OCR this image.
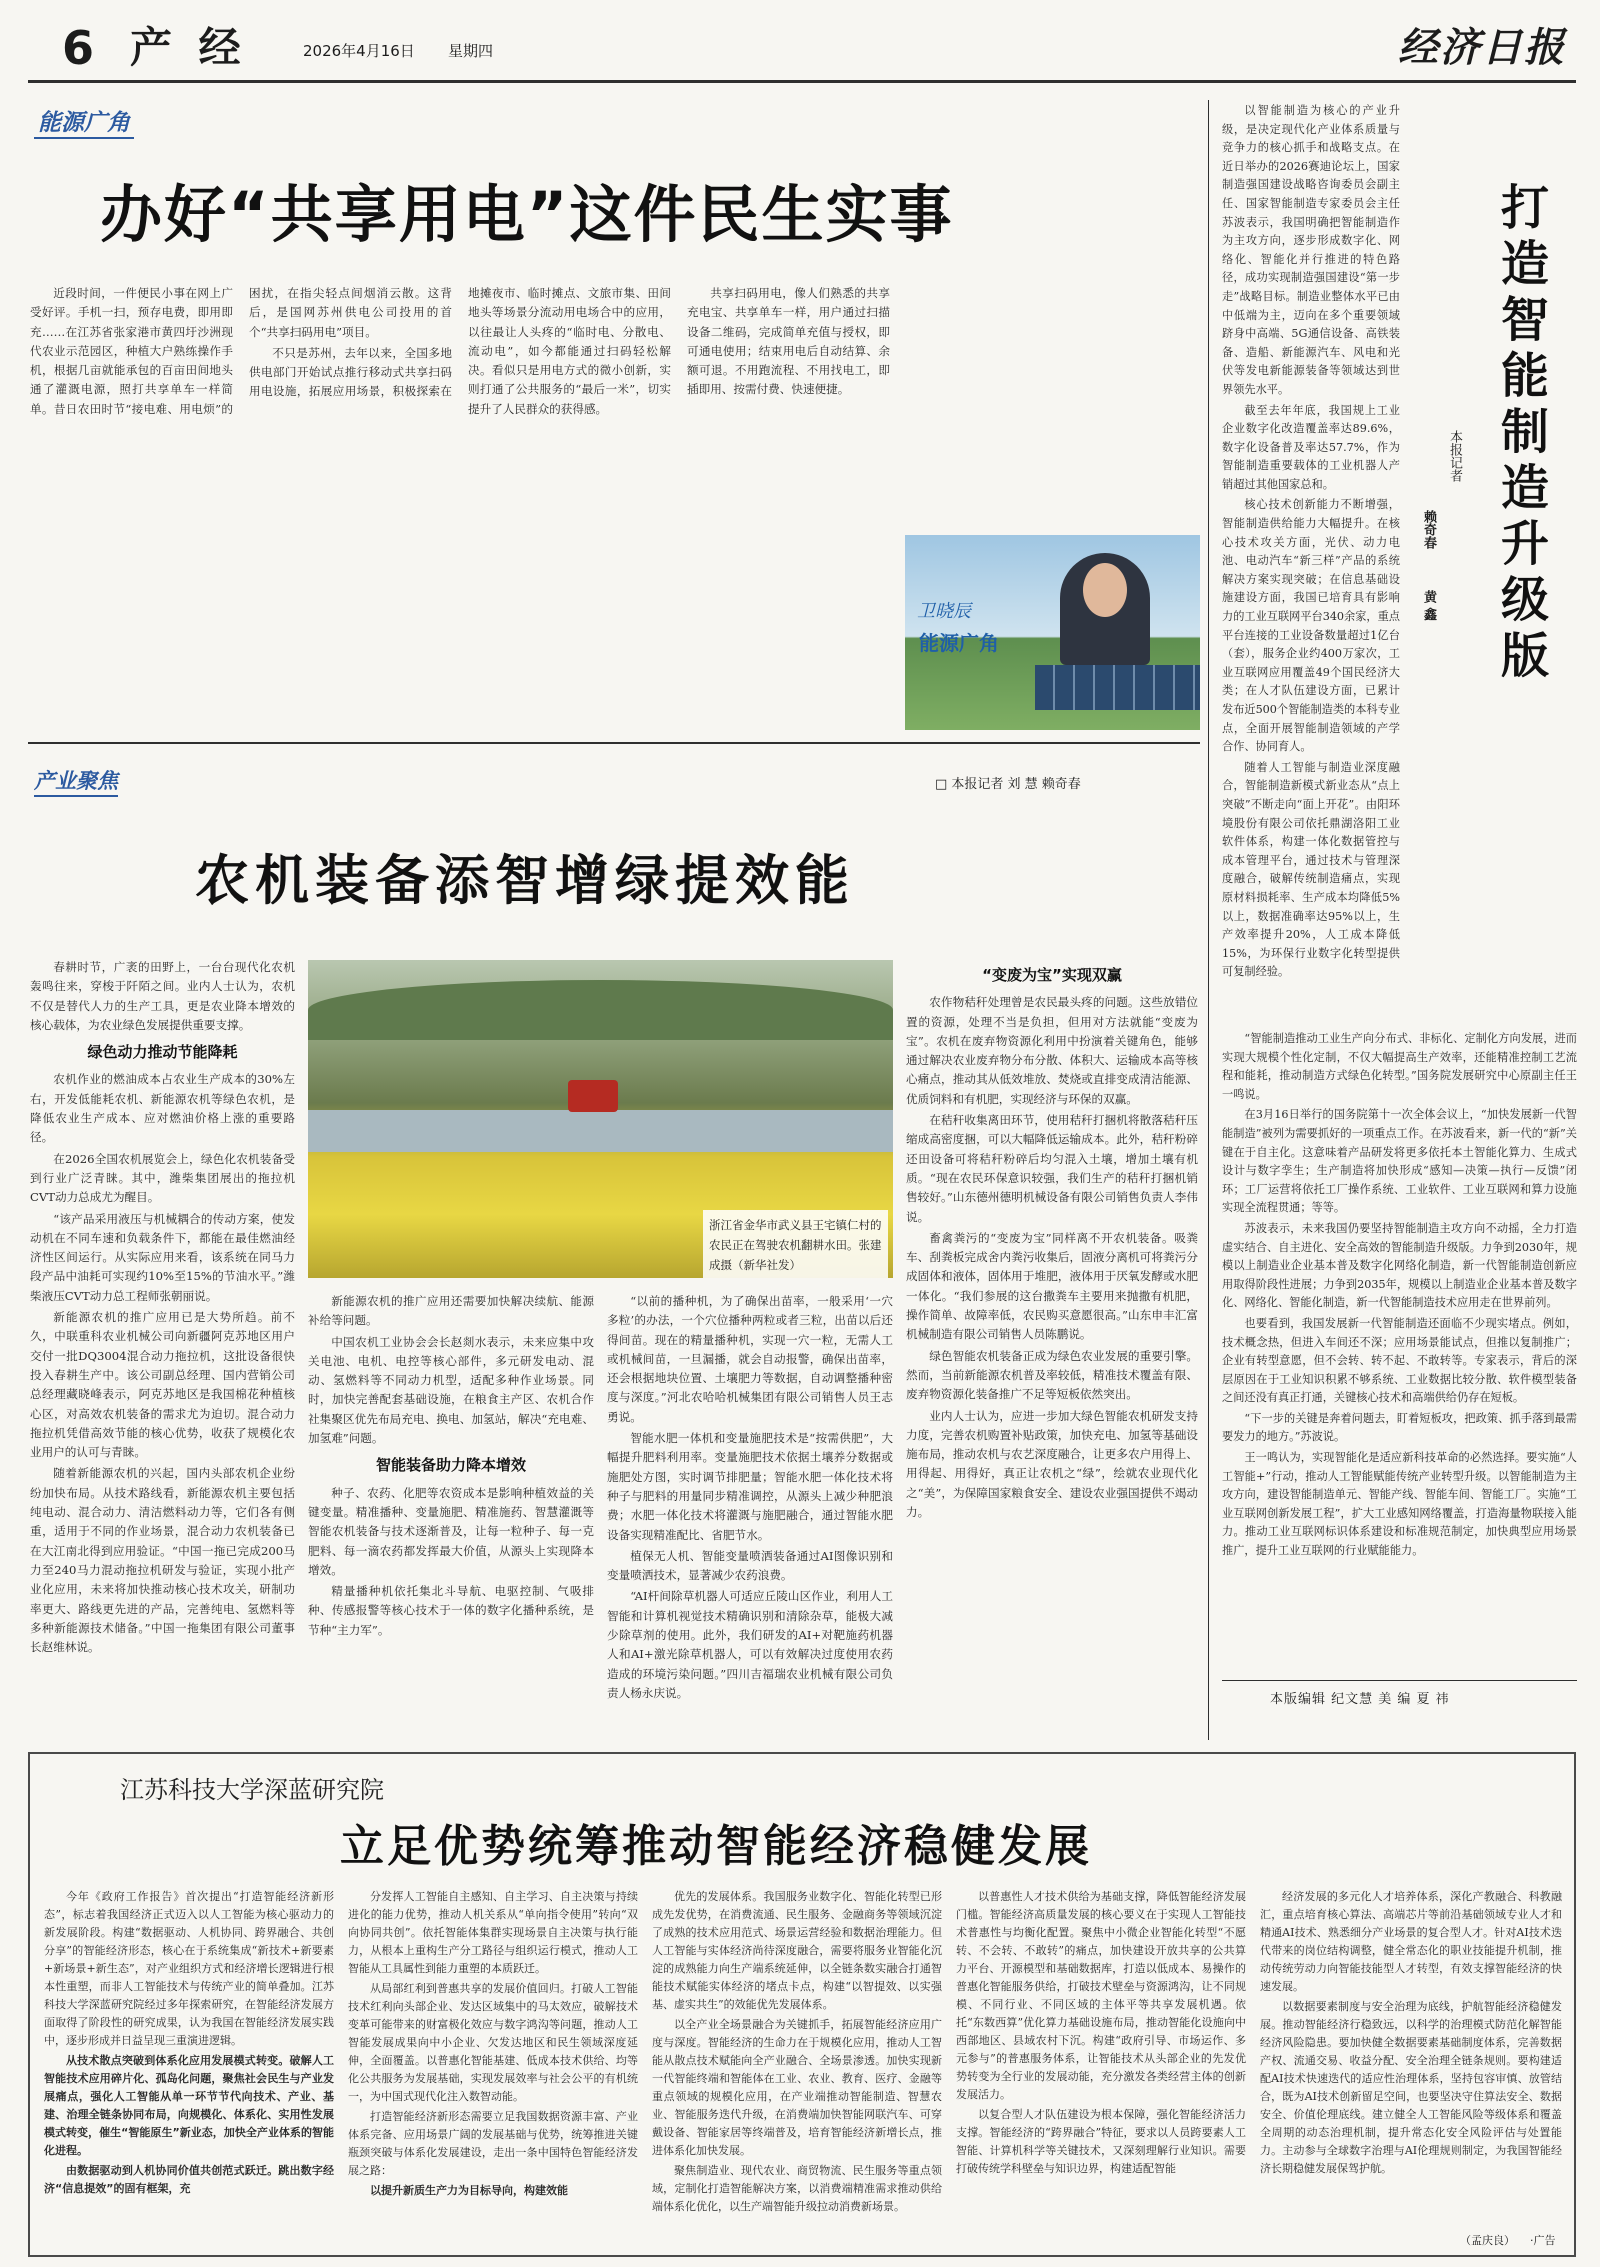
6 产 经	2026年4月16日 星期四	经济日报
能源广角
办好“共享用电”这件民生实事

近段时间，一件便民小事在网上广受好评。手机一扫，预存电费，即用即充……在江苏省张家港市黄四圩沙洲现代农业示范园区，种植大户熟练操作手机，根据几亩就能承包的百亩田间地头通了灌溉电源，照打共享单车一样简单。昔日农田时节“接电难、用电烦”的困扰，在指尖轻点间烟消云散。这背后，是国网苏州供电公司投用的首个“共享扫码用电”项目。

不只是苏州，去年以来，全国多地供电部门开始试点推行移动式共享扫码用电设施，拓展应用场景，积极探索在地摊夜市、临时摊点、文旅市集、田间地头等场景分流动用电场合中的应用，以往最让人头疼的“临时电、分散电、流动电”，如今都能通过扫码轻松解决。看似只是用电方式的微小创新，实则打通了公共服务的“最后一米”，切实提升了人民群众的获得感。

共享扫码用电，像人们熟悉的共享充电宝、共享单车一样，用户通过扫描设备二维码，完成简单充值与授权，即可通电使用；结束用电后自动结算、余额可退。不用跑流程、不用找电工，即插即用、按需付费、快速便捷。

卫晓辰
能源广角
产业聚焦	□ 本报记者 刘 慧 赖奇春
农机装备添智增绿提效能

春耕时节，广袤的田野上，一台台现代化农机轰鸣往来，穿梭于阡陌之间。业内人士认为，农机不仅是替代人力的生产工具，更是农业降本增效的核心载体，为农业绿色发展提供重要支撑。

绿色动力推动节能降耗

农机作业的燃油成本占农业生产成本的30%左右，开发低能耗农机、新能源农机等绿色农机，是降低农业生产成本、应对燃油价格上涨的重要路径。

在2026全国农机展览会上，绿色化农机装备受到行业广泛青睐。其中，潍柴集团展出的拖拉机CVT动力总成尤为醒目。

“该产品采用液压与机械耦合的传动方案，使发动机在不同车速和负载条件下，都能在最佳燃油经济性区间运行。从实际应用来看，该系统在同马力段产品中油耗可实现约10%至15%的节油水平。”潍柴液压CVT动力总工程师张朝丽说。

新能源农机的推广应用已是大势所趋。前不久，中联重科农业机械公司向新疆阿克苏地区用户交付一批DQ3004混合动力拖拉机，这批设备很快投入春耕生产中。该公司副总经理、国内营销公司总经理藏晓峰表示，阿克苏地区是我国棉花种植核心区，对高效农机装备的需求尤为迫切。混合动力拖拉机凭借高效节能的核心优势，收获了规模化农业用户的认可与青睐。

随着新能源农机的兴起，国内头部农机企业纷纷加快布局。从技术路线看，新能源农机主要包括纯电动、混合动力、清洁燃料动力等，它们各有侧重，适用于不同的作业场景，混合动力农机装备已在大江南北得到应用验证。“中国一拖已完成200马力至240马力混动拖拉机研发与验证，实现小批产业化应用，未来将加快推动核心技术攻关，研制功率更大、路线更先进的产品，完善纯电、氢燃料等多种新能源技术储备。”中国一拖集团有限公司董事长赵维林说。

浙江省金华市武义县王宅镇仁村的农民正在驾驶农机翻耕水田。张建成摄（新华社发）

新能源农机的推广应用还需要加快解决续航、能源补给等问题。

中国农机工业协会会长赵剡水表示，未来应集中攻关电池、电机、电控等核心部件，多元研发电动、混动、氢燃料等不同动力机型，适配多种作业场景。同时，加快完善配套基础设施，在粮食主产区、农机合作社集聚区优先布局充电、换电、加氢站，解决“充电难、加氢难”问题。

智能装备助力降本增效

种子、农药、化肥等农资成本是影响种植效益的关键变量。精准播种、变量施肥、精准施药、智慧灌溉等智能农机装备与技术逐渐普及，让每一粒种子、每一克肥料、每一滴农药都发挥最大价值，从源头上实现降本增效。

精量播种机依托集北斗导航、电驱控制、气吸排种、传感报警等核心技术于一体的数字化播种系统，是节种“主力军”。

“以前的播种机，为了确保出苗率，一般采用‘一穴多粒’的办法，一个穴位播种两粒或者三粒，出苗以后还得间苗。现在的精量播种机，实现一穴一粒，无需人工或机械间苗，一旦漏播，就会自动报警，确保出苗率，还会根据地块位置、土壤肥力等数据，自动调整播种密度与深度。”河北农哈哈机械集团有限公司销售人员王志勇说。

智能水肥一体机和变量施肥技术是“按需供肥”，大幅提升肥料利用率。变量施肥技术依据土壤养分数据或施肥处方图，实时调节排肥量；智能水肥一体化技术将种子与肥料的用量同步精准调控，从源头上减少种肥浪费；水肥一体化技术将灌溉与施肥融合，通过智能水肥设备实现精准配比、省肥节水。

植保无人机、智能变量喷洒装备通过AI图像识别和变量喷洒技术，显著减少农药浪费。

“AI杆间除草机器人可适应丘陵山区作业，利用人工智能和计算机视觉技术精确识别和清除杂草，能极大减少除草剂的使用。此外，我们研发的AI+对靶施药机器人和AI+激光除草机器人，可以有效解决过度使用农药造成的环境污染问题。”四川吉福瑞农业机械有限公司负责人杨永庆说。

“变废为宝”实现双赢

农作物秸秆处理曾是农民最头疼的问题。这些放错位置的资源，处理不当是负担，但用对方法就能“变废为宝”。农机在废弃物资源化利用中扮演着关键角色，能够通过解决农业废弃物分布分散、体积大、运输成本高等核心痛点，推动其从低效堆放、焚烧或直排变成清洁能源、优质饲料和有机肥，实现经济与环保的双赢。

在秸秆收集离田环节，使用秸秆打捆机将散落秸秆压缩成高密度捆，可以大幅降低运输成本。此外，秸秆粉碎还田设备可将秸秆粉碎后均匀混入土壤，增加土壤有机质。“现在农民环保意识较强，我们生产的秸秆打捆机销售较好。”山东德州德明机械设备有限公司销售负责人李伟说。

畜禽粪污的“变废为宝”同样离不开农机装备。吸粪车、刮粪板完成舍内粪污收集后，固液分离机可将粪污分成固体和液体，固体用于堆肥，液体用于厌氧发酵或水肥一体化。“我们参展的这台撒粪车主要用来抛撒有机肥，操作简单、故障率低，农民购买意愿很高。”山东申丰汇富机械制造有限公司销售人员陈鹏说。

绿色智能农机装备正成为绿色农业发展的重要引擎。然而，当前新能源农机普及率较低，精准技术覆盖有限、废弃物资源化装备推广不足等短板依然突出。

业内人士认为，应进一步加大绿色智能农机研发支持力度，完善农机购置补贴政策，加快充电、加氢等基础设施布局，推动农机与农艺深度融合，让更多农户用得上、用得起、用得好，真正让农机之“绿”，绘就农业现代化之“美”，为保障国家粮食安全、建设农业强国提供不竭动力。

打
造
智
能
制
造
升
级
版
本报记者
赖奇春
黄 鑫

以智能制造为核心的产业升级，是决定现代化产业体系质量与竞争力的核心抓手和战略支点。在近日举办的2026赛迪论坛上，国家制造强国建设战略咨询委员会副主任、国家智能制造专家委员会主任苏波表示，我国明确把智能制造作为主攻方向，逐步形成数字化、网络化、智能化并行推进的特色路径，成功实现制造强国建设“第一步走”战略目标。制造业整体水平已由中低端为主，迈向在多个重要领域跻身中高端、5G通信设备、高铁装备、造船、新能源汽车、风电和光伏等发电新能源装备等领域达到世界领先水平。

截至去年年底，我国规上工业企业数字化改造覆盖率达89.6%，数字化设备普及率达57.7%，作为智能制造重要载体的工业机器人产销超过其他国家总和。

核心技术创新能力不断增强，智能制造供给能力大幅提升。在核心技术攻关方面，光伏、动力电池、电动汽车“新三样”产品的系统解决方案实现突破；在信息基础设施建设方面，我国已培育具有影响力的工业互联网平台340余家，重点平台连接的工业设备数量超过1亿台（套），服务企业约400万家次，工业互联网应用覆盖49个国民经济大类；在人才队伍建设方面，已累计发布近500个智能制造类的本科专业点，全面开展智能制造领域的产学合作、协同育人。

随着人工智能与制造业深度融合，智能制造新模式新业态从“点上突破”不断走向“面上开花”。由阳环境股份有限公司依托鼎湖洛阳工业软件体系，构建一体化数据管控与成本管理平台，通过技术与管理深度融合，破解传统制造痛点，实现原材料损耗率、生产成本均降低5%以上，数据准确率达95%以上，生产效率提升20%，人工成本降低15%，为环保行业数字化转型提供可复制经验。

“智能制造推动工业生产向分布式、非标化、定制化方向发展，进而实现大规模个性化定制，不仅大幅提高生产效率，还能精准控制工艺流程和能耗，推动制造方式绿色化转型。”国务院发展研究中心原副主任王一鸣说。

在3月16日举行的国务院第十一次全体会议上，“加快发展新一代智能制造”被列为需要抓好的一项重点工作。在苏波看来，新一代的“新”关键在于自主化。这意味着产品研发将更多依托本土智能化算力、生成式设计与数字孪生；生产制造将加快形成“感知—决策—执行—反馈”闭环；工厂运营将依托工厂操作系统、工业软件、工业互联网和算力设施实现全流程贯通；等等。

苏波表示，未来我国仍要坚持智能制造主攻方向不动摇，全力打造虚实结合、自主进化、安全高效的智能制造升级版。力争到2030年，规模以上制造业企业基本普及数字化网络化制造，新一代智能制造创新应用取得阶段性进展；力争到2035年，规模以上制造业企业基本普及数字化、网络化、智能化制造，新一代智能制造技术应用走在世界前列。

也要看到，我国发展新一代智能制造还面临不少现实堵点。例如，技术概念热，但进入车间还不深；应用场景能试点，但推以复制推广；企业有转型意愿，但不会转、转不起、不敢转等。专家表示，背后的深层原因在于工业知识积累不够系统、工业数据比较分散、软件模型装备之间还没有真正打通，关键核心技术和高端供给仍存在短板。

“下一步的关键是奔着问题去，盯着短板攻，把政策、抓手落到最需要发力的地方。”苏波说。

王一鸣认为，实现智能化是适应新科技革命的必然选择。要实施“人工智能+”行动，推动人工智能赋能传统产业转型升级。以智能制造为主攻方向，建设智能制造单元、智能产线、智能车间、智能工厂。实施“工业互联网创新发展工程”，扩大工业感知网络覆盖，打造海量物联接入能力。推动工业互联网标识体系建设和标准规范制定，加快典型应用场景推广，提升工业互联网的行业赋能能力。

本版编辑 纪文慧 美 编 夏 祎
江苏科技大学深蓝研究院
立足优势统筹推动智能经济稳健发展

今年《政府工作报告》首次提出“打造智能经济新形态”，标志着我国经济正式迈入以人工智能为核心驱动力的新发展阶段。构建“数据驱动、人机协同、跨界融合、共创分享”的智能经济形态，核心在于系统集成“新技术+新要素+新场景+新生态”，对产业组织方式和经济增长逻辑进行根本性重塑，而非人工智能技术与传统产业的简单叠加。江苏科技大学深蓝研究院经过多年探索研究，在智能经济发展方面取得了阶段性的研究成果，认为我国在智能经济发展实践中，逐步形成并日益呈现三重演进逻辑。

从技术散点突破到体系化应用发展模式转变。破解人工智能技术应用碎片化、孤岛化问题，聚焦社会民生与产业发展痛点，强化人工智能从单一环节节代向技术、产业、基建、治理全链条协同布局，向规模化、体系化、实用性发展模式转变，催生“智能原生”新业态，加快全产业体系的智能化进程。

由数据驱动到人机协同价值共创范式跃迁。跳出数字经济“信息提效”的固有框架，充

分发挥人工智能自主感知、自主学习、自主决策与持续进化的能力优势，推动人机关系从“单向指令使用”转向“双向协同共创”。依托智能体集群实现场景自主决策与执行能力，从根本上重构生产分工路径与组织运行模式，推动人工智能从工具属性到能力重塑的本质跃迁。

从局部红利到普惠共享的发展价值回归。打破人工智能技术红利向头部企业、发达区域集中的马太效应，破解技术变革可能带来的财富极化效应与数字鸿沟等问题，推动人工智能发展成果向中小企业、欠发达地区和民生领域深度延伸，全面覆盖。以普惠化智能基建、低成本技术供给、均等化公共服务为发展基础，实现发展效率与社会公平的有机统一，为中国式现代化注入数智动能。

打造智能经济新形态需要立足我国数据资源丰富、产业体系完备、应用场景广阔的发展基础与优势，统筹推进关键瓶颈突破与体系化发展建设，走出一条中国特色智能经济发展之路：

以提升新质生产力为目标导向，构建效能

优先的发展体系。我国服务业数字化、智能化转型已形成先发优势，在消费流通、民生服务、金融商务等领域沉淀了成熟的技术应用范式、场景运营经验和数据治理能力。但人工智能与实体经济尚待深度融合，需要将服务业智能化沉淀的成熟能力向生产端系统延伸，以全链条数实融合打通智能技术赋能实体经济的堵点卡点，构建“以智提效、以实强基、虚实共生”的效能优先发展体系。

以全产业全场景融合为关键抓手，拓展智能经济应用广度与深度。智能经济的生命力在于规模化应用，推动人工智能从散点技术赋能向全产业融合、全场景渗透。加快实现新一代智能终端和智能体在工业、农业、教育、医疗、金融等重点领域的规模化应用，在产业端推动智能制造、智慧农业、智能服务迭代升级，在消费端加快智能网联汽车、可穿戴设备、智能家居等终端普及，培育智能经济新增长点，推进体系化加快发展。

聚焦制造业、现代农业、商贸物流、民生服务等重点领域，定制化打造智能解决方案，以消费端精准需求推动供给端体系化优化，以生产端智能升级拉动消费新场景。

以普惠性人才技术供给为基础支撑，降低智能经济发展门槛。智能经济高质量发展的核心要义在于实现人工智能技术普惠性与均衡化配置。聚焦中小微企业智能化转型“不愿转、不会转、不敢转”的痛点，加快建设开放共享的公共算力平台、开源模型和基础数据库，打造以低成本、易操作的普惠化智能服务供给，打破技术壁垒与资源鸿沟，让不同规模、不同行业、不同区域的主体平等共享发展机遇。依托“东数西算”优化算力基础设施布局，推动智能化设施向中西部地区、县域农村下沉。构建“政府引导、市场运作、多元参与”的普惠服务体系，让智能技术从头部企业的先发优势转变为全行业的发展动能，充分激发各类经营主体的创新发展活力。

以复合型人才队伍建设为根本保障，强化智能经济活力支撑。智能经济的“跨界融合”特征，要求以人员跨要素人工智能、计算机科学等关键技术，又深刻理解行业知识。需要打破传统学科壁垒与知识边界，构建适配智能

经济发展的多元化人才培养体系，深化产教融合、科教融汇，重点培育核心算法、高端芯片等前沿基础领域专业人才和精通AI技术、熟悉细分产业场景的复合型人才。针对AI技术迭代带来的岗位结构调整，健全常态化的职业技能提升机制，推动传统劳动力向智能技能型人才转型，有效支撑智能经济的快速发展。

以数据要素制度与安全治理为底线，护航智能经济稳健发展。推动智能经济行稳致远，以科学的治理模式防范化解智能经济风险隐患。要加快健全数据要素基础制度体系，完善数据产权、流通交易、收益分配、安全治理全链条规则。要构建适配AI技术快速迭代的适应性治理体系，坚持包容审慎、放管结合，既为AI技术创新留足空间，也要坚决守住算法安全、数据安全、价值伦理底线。建立健全人工智能风险等级体系和覆盖全周期的动态治理机制，提升常态化安全风险评估与处置能力。主动参与全球数字治理与AI伦理规则制定，为我国智能经济长期稳健发展保驾护航。

（孟庆良） ·广告
